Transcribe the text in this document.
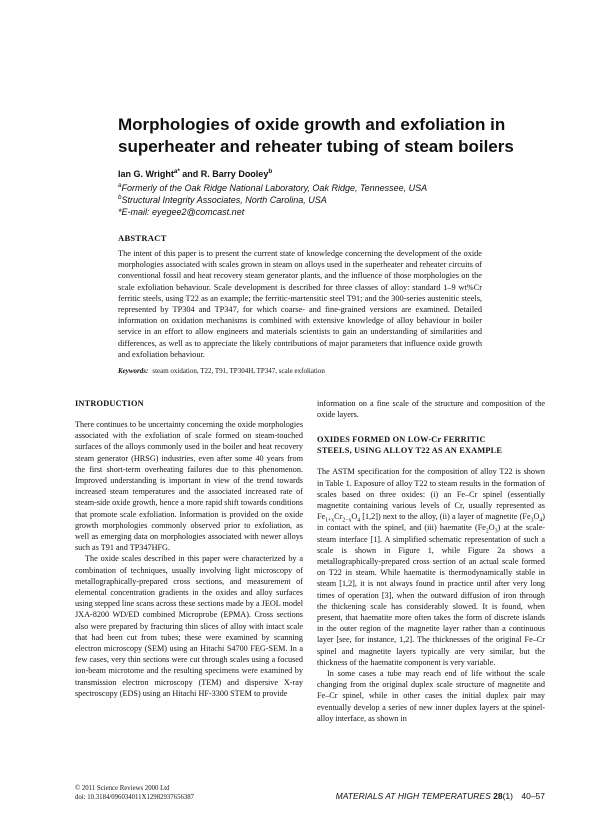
Morphologies of oxide growth and exfoliation in superheater and reheater tubing of steam boilers
Ian G. Wright$^{a*}$ and R. Barry Dooley$^b$
$^a$Formerly of the Oak Ridge National Laboratory, Oak Ridge, Tennessee, USA
$^b$Structural Integrity Associates, North Carolina, USA
*E-mail: eyegee2@comcast.net
ABSTRACT

The intent of this paper is to present the current state of knowledge concerning the development of the oxide morphologies associated with scales grown in steam on alloys used in the superheater and reheater circuits of conventional fossil and heat recovery steam generator plants, and the influence of those morphologies on the scale exfoliation behaviour. Scale development is described for three classes of alloy: standard 1–9 wt%Cr ferritic steels, using T22 as an example; the ferritic-martensitic steel T91; and the 300-series austenitic steels, represented by TP304 and TP347, for which coarse- and fine-grained versions are examined. Detailed information on oxidation mechanisms is combined with extensive knowledge of alloy behaviour in boiler service in an effort to allow engineers and materials scientists to gain an understanding of similarities and differences, as well as to appreciate the likely contributions of major parameters that influence oxide growth and exfoliation behaviour.

Keywords: steam oxidation, T22, T91, TP304H, TP347, scale exfoliation
INTRODUCTION

There continues to be uncertainty concerning the oxide morphologies associated with the exfoliation of scale formed on steam-touched surfaces of the alloys commonly used in the boiler and heat recovery steam generator (HRSG) industries, even after some 40 years from the first short-term overheating failures due to this phenomenon. Improved understanding is important in view of the trend towards increased steam temperatures and the associated increased rate of steam-side oxide growth, hence a more rapid shift towards conditions that promote scale exfoliation. Information is provided on the oxide growth morphologies commonly observed prior to exfoliation, as well as emerging data on morphologies associated with newer alloys such as T91 and TP347HFG.

The oxide scales described in this paper were characterized by a combination of techniques, usually involving light microscopy of metallographically-prepared cross sections, and measurement of elemental concentration gradients in the oxides and alloy surfaces using stepped line scans across these sections made by a JEOL model JXA-8200 WD/ED combined Microprobe (EPMA). Cross sections also were prepared by fracturing thin slices of alloy with intact scale that had been cut from tubes; these were examined by scanning electron microscopy (SEM) using an Hitachi S4700 FEG-SEM. In a few cases, very thin sections were cut through scales using a focused ion-beam microtome and the resulting specimens were examined by transmission electron microscopy (TEM) and dispersive X-ray spectroscopy (EDS) using an Hitachi HF-3300 STEM to provide

information on a fine scale of the structure and composition of the oxide layers.

OXIDES FORMED ON LOW-Cr FERRITIC
STEELS, USING ALLOY T22 AS AN EXAMPLE

The ASTM specification for the composition of alloy T22 is shown in Table 1. Exposure of alloy T22 to steam results in the formation of scales based on three oxides: (i) an Fe–Cr spinel (essentially magnetite containing various levels of Cr, usually represented as $Fe_{1+x}Cr_{2-x}O_4$ [1,2]) next to the alloy, (ii) a layer of magnetite $(Fe_3O_4)$ in contact with the spinel, and (iii) haematite $(Fe_2O_3)$ at the scale-steam interface [1]. A simplified schematic representation of such a scale is shown in Figure 1, while Figure 2a shows a metallographically-prepared cross section of an actual scale formed on T22 in steam. While haematite is thermodynamically stable in steam [1,2], it is not always found in practice until after very long times of operation [3], when the outward diffusion of iron through the thickening scale has considerably slowed. It is found, when present, that haematite more often takes the form of discrete islands in the outer region of the magnetite layer rather than a continuous layer [see, for instance, 1,2]. The thicknesses of the original Fe–Cr spinel and magnetite layers typically are very similar, but the thickness of the haematite component is very variable.

In some cases a tube may reach end of life without the scale changing from the original duplex scale structure of magnetite and Fe–Cr spinel, while in other cases the initial duplex pair may eventually develop a series of new inner duplex layers at the spinel-alloy interface, as shown in

© 2011 Science Reviews 2000 Ltd
doi: 10.3184/096034011X12982937656387	MATERIALS AT HIGH TEMPERATURES 28(1) 40–57
